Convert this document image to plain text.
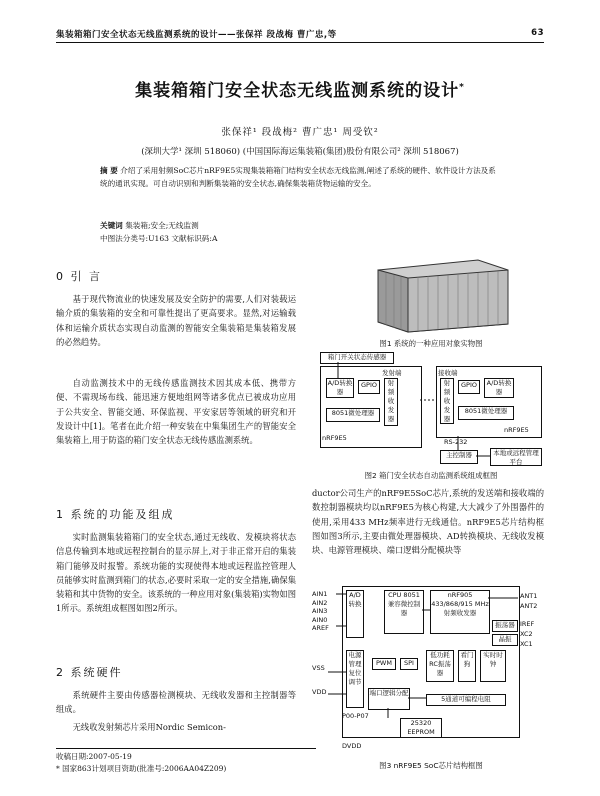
集装箱箱门安全状态无线监测系统的设计——张保祥 段战梅 曹广忠,等	63
集装箱箱门安全状态无线监测系统的设计*
张保祥¹ 段战梅² 曹广忠¹ 周受钦²
(深圳大学¹ 深圳 518060) (中国国际海运集装箱(集团)股份有限公司² 深圳 518067)
摘 要 介绍了采用射频SoC芯片nRF9E5实现集装箱箱门结构安全状态无线监测,阐述了系统的硬件、软件设计方法及系统的通讯实现。可自动识别和判断集装箱的安全状态,确保集装箱货物运输的安全。
关键词 集装箱;安全;无线监测
中图法分类号:U163 文献标识码:A
0 引 言
基于现代物流业的快速发展及安全防护的需要,人们对装载运输介质的集装箱的安全和可靠性提出了更高要求。显然,对运输载体和运输介质状态实现自动监测的智能安全集装箱是集装箱发展的必然趋势。
自动监测技术中的无线传感监测技术因其成本低、携带方便、不需现场布线、能迅速方便地组网等诸多优点已被成功应用于公共安全、智能交通、环保监视、平安家居等领域的研究和开发设计中[1]。笔者在此介绍一种安装在中集集团生产的智能安全集装箱上,用于防盗的箱门安全状态无线传感监测系统。
1 系统的功能及组成
实时监测集装箱箱门的安全状态,通过无线收、发模块将状态信息传输到本地或远程控制台的显示屏上,对于非正常开启的集装箱门能够及时报警。系统功能的实现使得本地或远程监控管理人员能够实时监测到箱门的状态,必要时采取一定的安全措施,确保集装箱和其中货物的安全。该系统的一种应用对象(集装箱)实物如图1所示。系统组成框图如图2所示。
2 系统硬件
系统硬件主要由传感器检测模块、无线收发器和主控制器等组成。
无线收发射频芯片采用Nordic Semicon-
收稿日期:2007-05-19
* 国家863计划项目资助(批准号:2006AA04Z209)
图1 系统的一种应用对象实物图
箱门开关状态传感器
发射端
A/D转换器
GPIO	射频收发器
8051微处理器
nRF9E5
接收端
射频收发器
GPIO	A/D转换器
8051微处理器
nRF9E5
RS-232
主控制器	本地或远程管理平台
图2 箱门安全状态自动监测系统组成框图
ductor公司生产的nRF9E5SoC芯片,系统的发送端和接收端的数控制器模块均以nRF9E5为核心构建,大大减少了外围器件的使用,采用433 MHz频率进行无线通信。nRF9E5芯片结构框图如图3所示,主要由微处理器模块、AD转换模块、无线收发模块、电源管理模块、端口逻辑分配模块等
AIN1
AIN2
AIN3
AIN0
AREF
A/D转换
CPU 8051兼容微控制器
nRF905 433/868/915 MHz射频收发器
ANT1
ANT2
IREF
XC2
XC1
振荡器
晶振
VSS
VDD
电源管理复位调节
PWM	SPI
低功耗RC振荡器
看门狗
实时时钟
端口逻辑分配
5通道可编程电阻
25320 EEPROM
P00-P07
DVDD
图3 nRF9E5 SoC芯片结构框图
